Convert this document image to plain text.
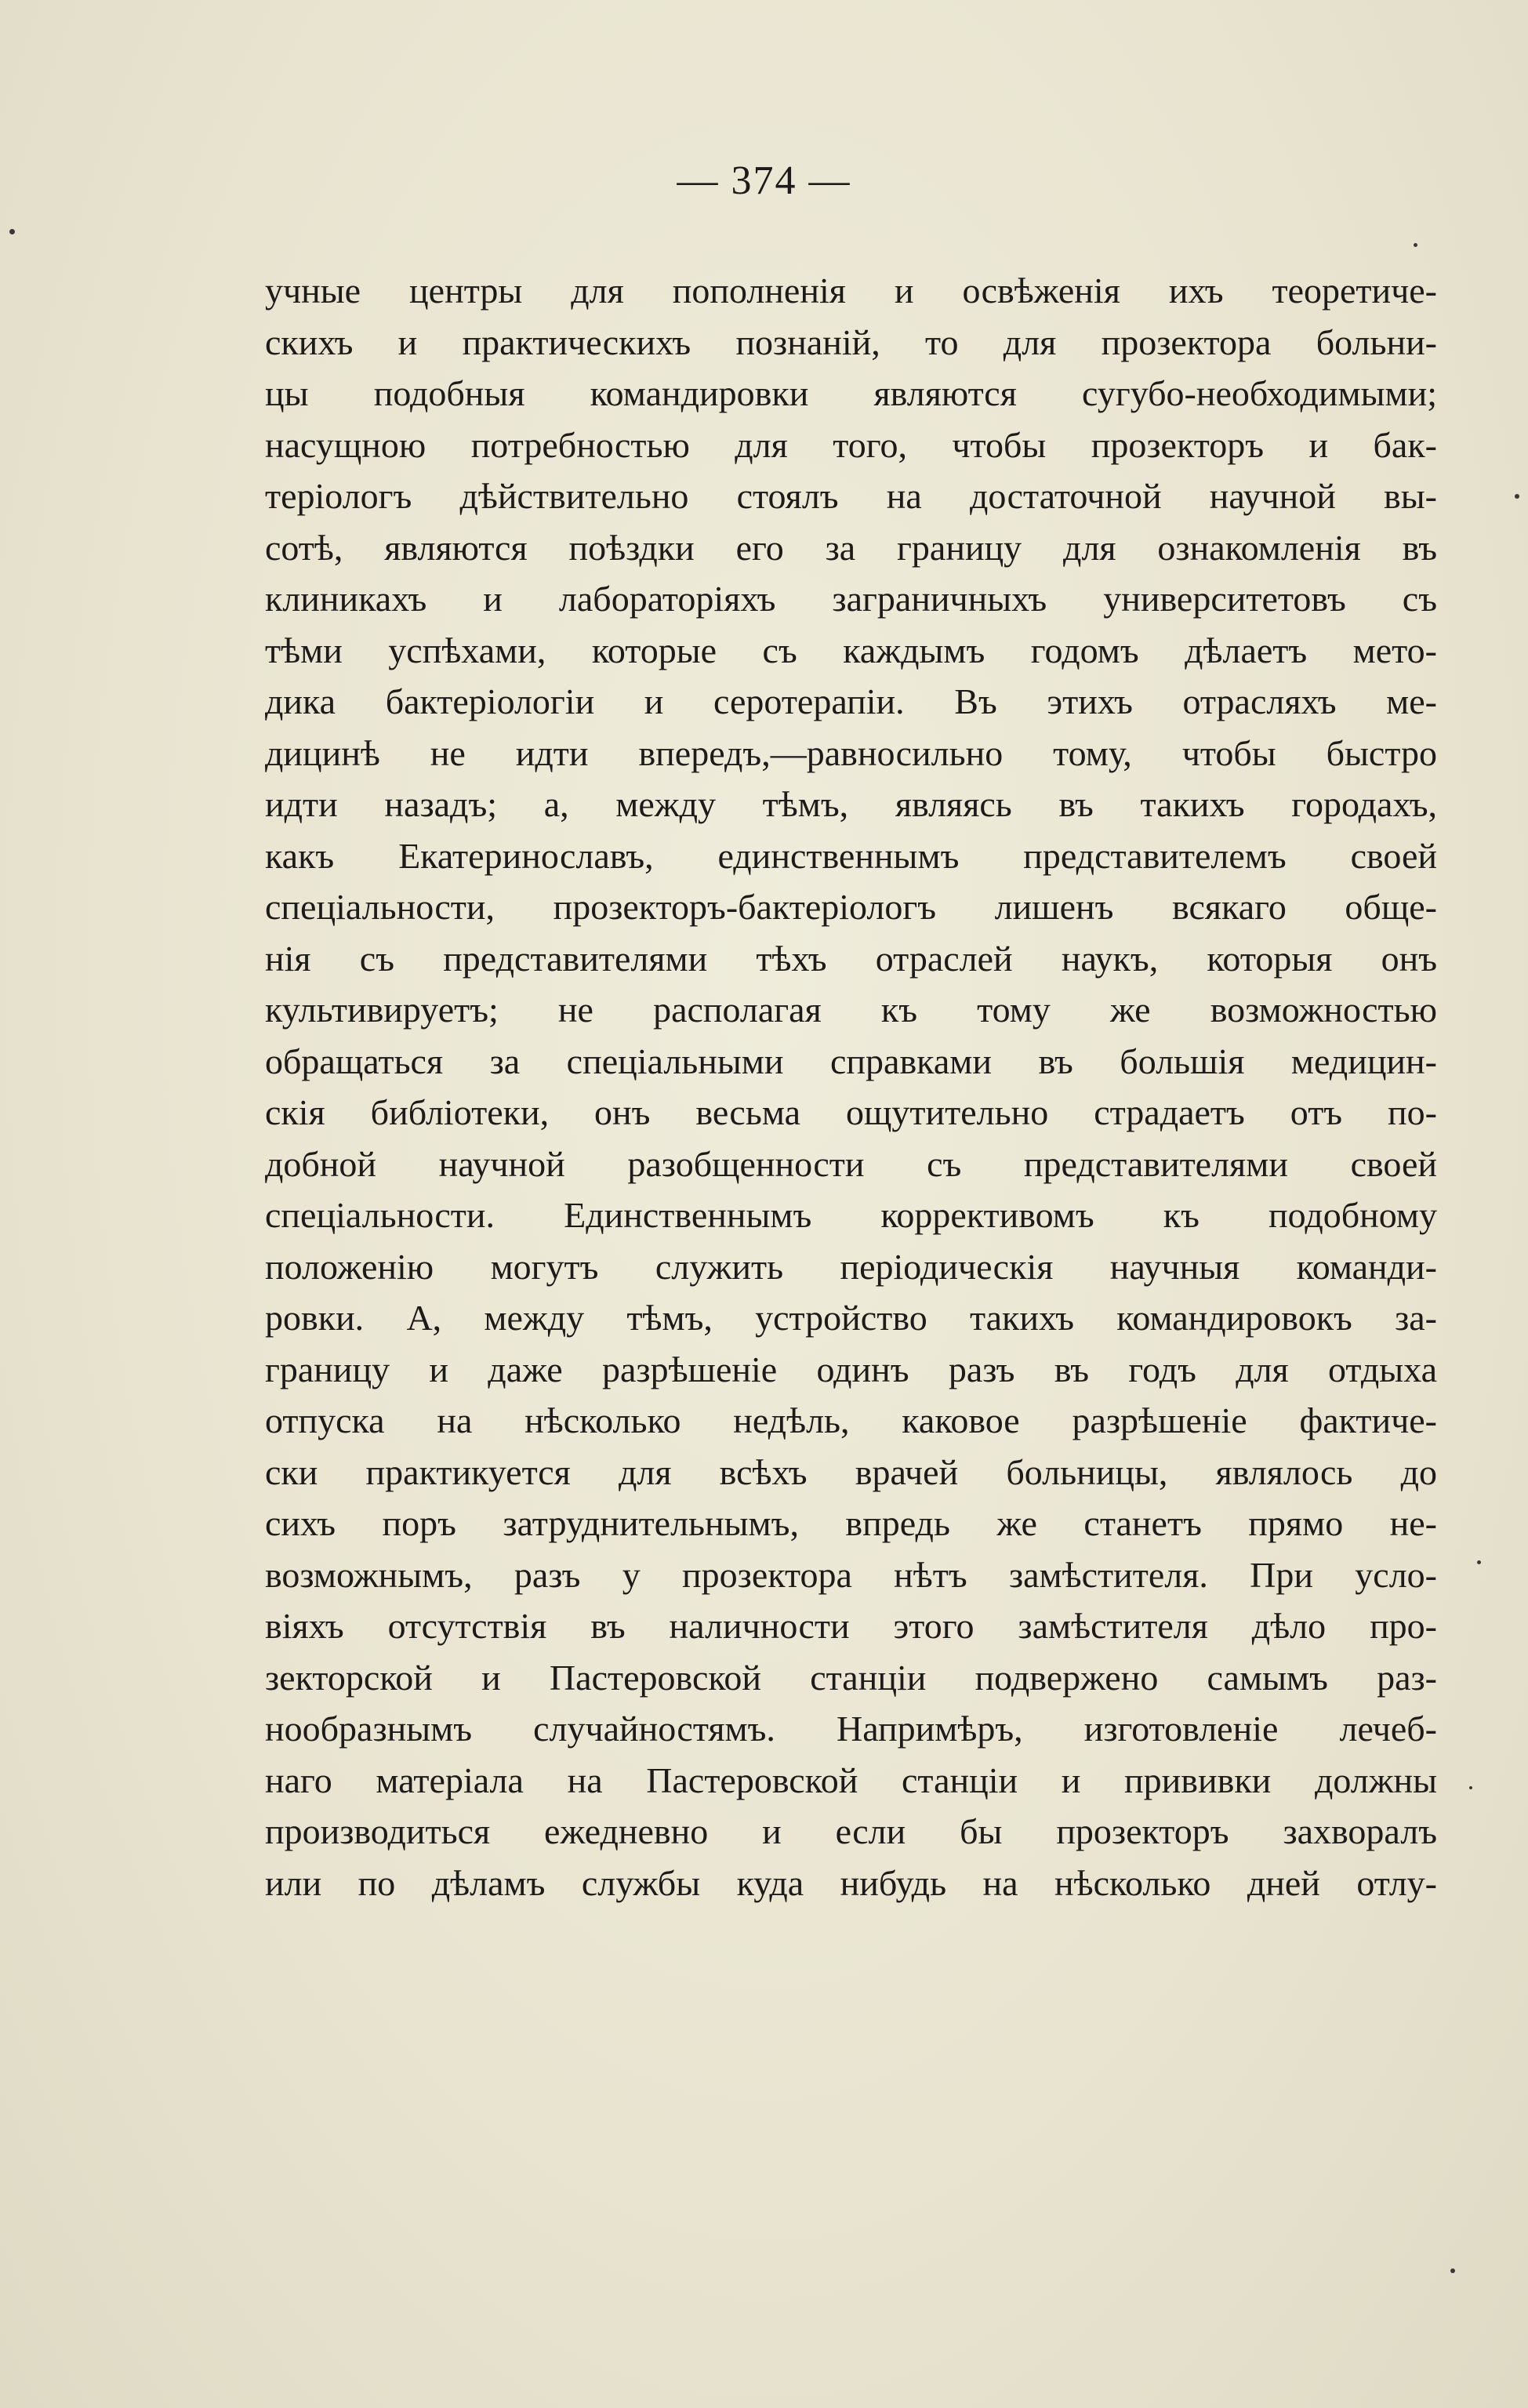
— 374 —
учные центры для пополненія и освѣженія ихъ теоретиче-
скихъ и практическихъ познаній, то для прозектора больни-
цы подобныя командировки являются сугубо-необходимыми;
насущною потребностью для того, чтобы прозекторъ и бак-
теріологъ дѣйствительно стоялъ на достаточной научной вы-
сотѣ, являются поѣздки его за границу для ознакомленія въ
клиникахъ и лабораторіяхъ заграничныхъ университетовъ съ
тѣми успѣхами, которые съ каждымъ годомъ дѣлаетъ мето-
дика бактеріологіи и серотерапіи. Въ этихъ отрасляхъ ме-
дицинѣ не идти впередъ,—равносильно тому, чтобы быстро
идти назадъ; а, между тѣмъ, являясь въ такихъ городахъ,
какъ Екатеринославъ, единственнымъ представителемъ своей
спеціальности, прозекторъ-бактеріологъ лишенъ всякаго обще-
нія съ представителями тѣхъ отраслей наукъ, которыя онъ
культивируетъ; не располагая къ тому же возможностью
обращаться за спеціальными справками въ большія медицин-
скія библіотеки, онъ весьма ощутительно страдаетъ отъ по-
добной научной разобщенности съ представителями своей
спеціальности. Единственнымъ коррективомъ къ подобному
положенію могутъ служить періодическія научныя команди-
ровки. А, между тѣмъ, устройство такихъ командировокъ за-
границу и даже разрѣшеніе одинъ разъ въ годъ для отдыха
отпуска на нѣсколько недѣль, каковое разрѣшеніе фактиче-
ски практикуется для всѣхъ врачей больницы, являлось до
сихъ поръ затруднительнымъ, впредь же станетъ прямо не-
возможнымъ, разъ у прозектора нѣтъ замѣстителя. При усло-
віяхъ отсутствія въ наличности этого замѣстителя дѣло про-
зекторской и Пастеровской станціи подвержено самымъ раз-
нообразнымъ случайностямъ. Напримѣръ, изготовленіе лечеб-
наго матеріала на Пастеровской станціи и прививки должны
производиться ежедневно и если бы прозекторъ захворалъ
или по дѣламъ службы куда нибудь на нѣсколько дней отлу-
